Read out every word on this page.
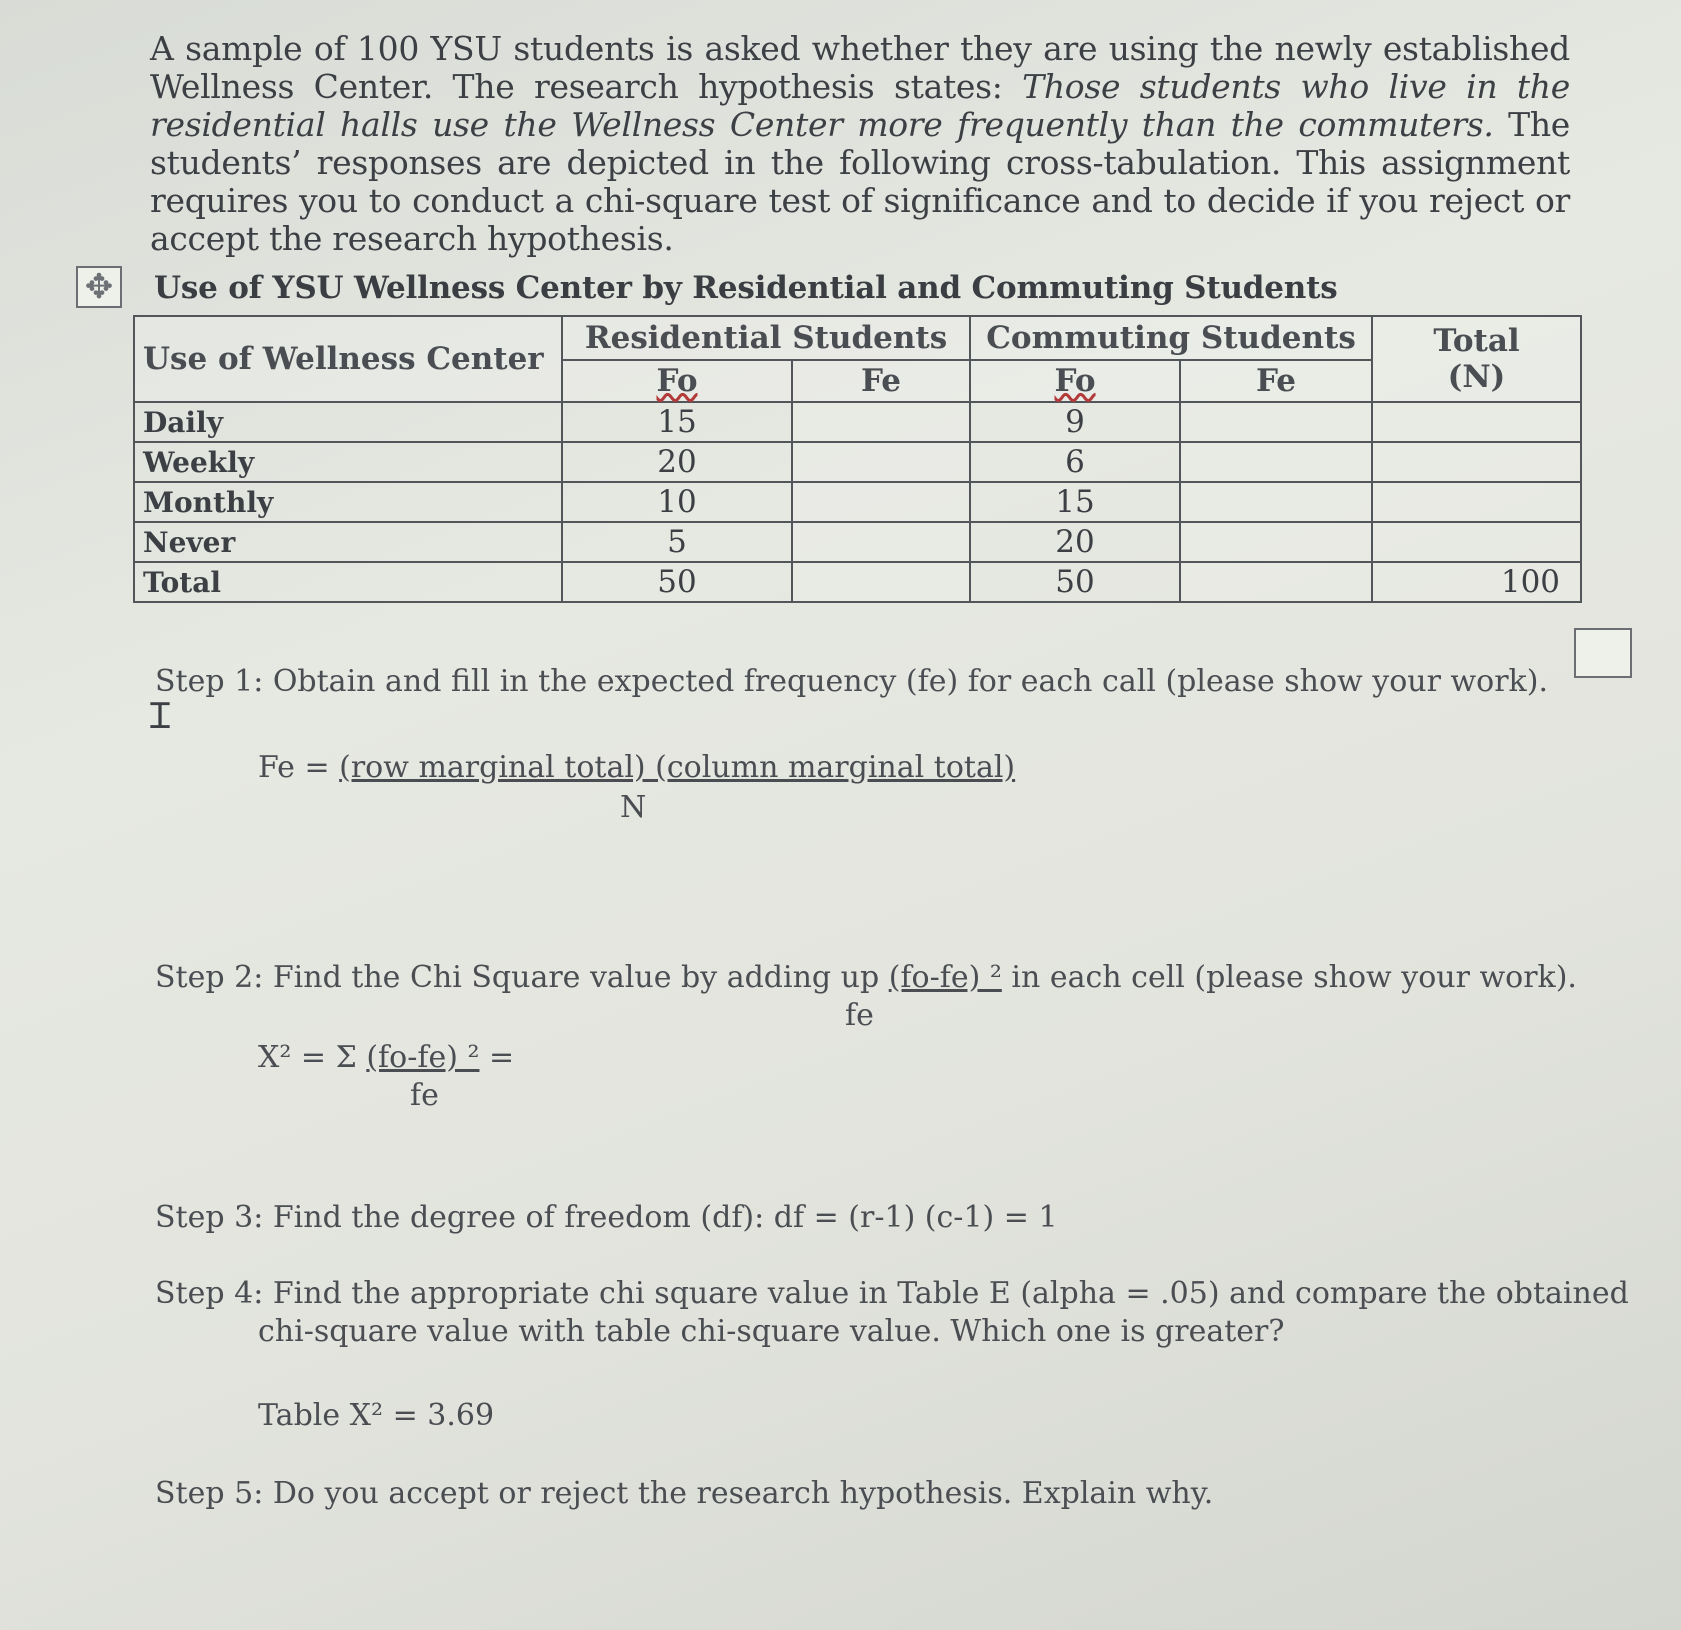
A sample of 100 YSU students is asked whether they are using the newly established Wellness Center. The research hypothesis states: Those students who live in the residential halls use the Wellness Center more frequently than the commuters. The students’ responses are depicted in the following cross-tabulation. This assignment requires you to conduct a chi-square test of significance and to decide if you reject or accept the research hypothesis.
✥ Use of YSU Wellness Center by Residential and Commuting Students
Use of Wellness Center	Residential Students		Commuting Students		Total
(N)

	Fo	Fe	Fo	Fe	
Daily	15		9		
Weekly	20		6		
Monthly	10		15		
Never	5		20		
Total	50		50		100
Ɪ
Step 1: Obtain and fill in the expected frequency (fe) for each call (please show your work).
Fe = (row marginal total) (column marginal total)
N
Step 2: Find the Chi Square value by adding up (fo-fe) ² in each cell (please show your work).
fe
X² = Σ (fo-fe) ² =
fe
Step 3: Find the degree of freedom (df): df = (r-1) (c-1) = 1
Step 4: Find the appropriate chi square value in Table E (alpha = .05) and compare the obtained
chi-square value with table chi-square value. Which one is greater?
Table X² = 3.69
Step 5: Do you accept or reject the research hypothesis. Explain why.
